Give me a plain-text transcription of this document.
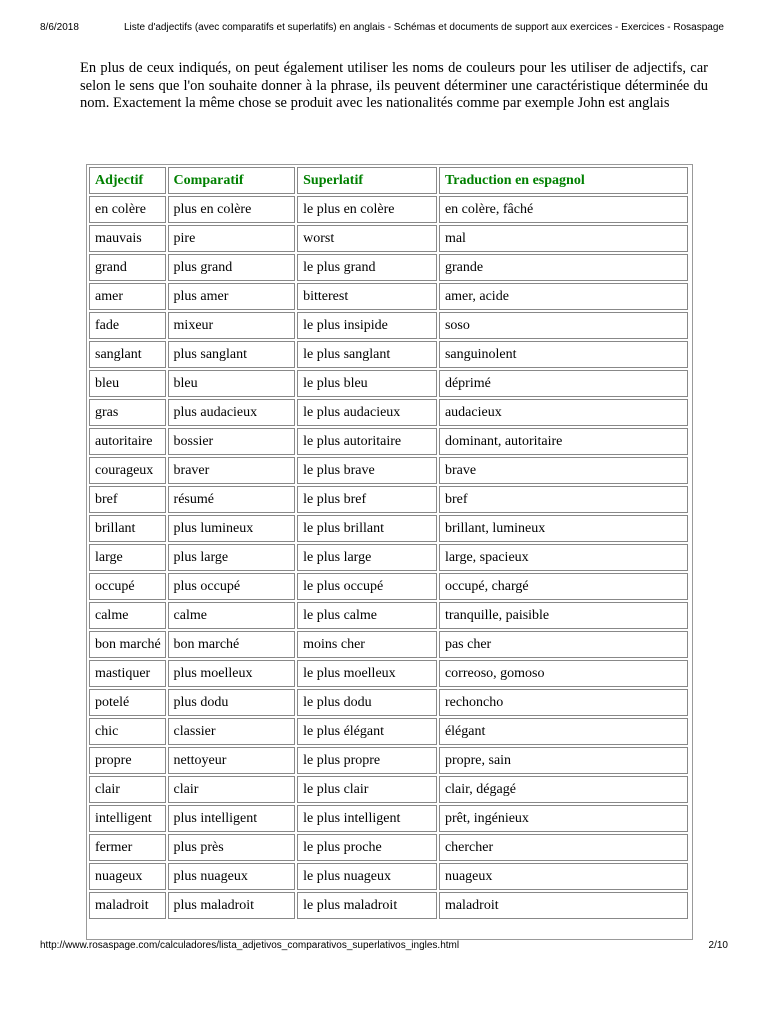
8/6/2018	Liste d'adjectifs (avec comparatifs et superlatifs) en anglais - Schémas et documents de support aux exercices - Exercices - Rosaspage
En plus de ceux indiqués, on peut également utiliser les noms de couleurs pour les utiliser de adjectifs, car selon le sens que l'on souhaite donner à la phrase, ils peuvent déterminer une caractéristique déterminée du nom. Exactement la même chose se produit avec les nationalités comme par exemple John est anglais
Adjectif	Comparatif	Superlatif	Traduction en espagnol
en colère	plus en colère	le plus en colère	en colère, fâché
mauvais	pire	worst	mal
grand	plus grand	le plus grand	grande
amer	plus amer	bitterest	amer, acide
fade	mixeur	le plus insipide	soso
sanglant	plus sanglant	le plus sanglant	sanguinolent
bleu	bleu	le plus bleu	déprimé
gras	plus audacieux	le plus audacieux	audacieux
autoritaire	bossier	le plus autoritaire	dominant, autoritaire
courageux	braver	le plus brave	brave
bref	résumé	le plus bref	bref
brillant	plus lumineux	le plus brillant	brillant, lumineux
large	plus large	le plus large	large, spacieux
occupé	plus occupé	le plus occupé	occupé, chargé
calme	calme	le plus calme	tranquille, paisible
bon marché	bon marché	moins cher	pas cher
mastiquer	plus moelleux	le plus moelleux	correoso, gomoso
potelé	plus dodu	le plus dodu	rechoncho
chic	classier	le plus élégant	élégant
propre	nettoyeur	le plus propre	propre, sain
clair	clair	le plus clair	clair, dégagé
intelligent	plus intelligent	le plus intelligent	prêt, ingénieux
fermer	plus près	le plus proche	chercher
nuageux	plus nuageux	le plus nuageux	nuageux
maladroit	plus maladroit	le plus maladroit	maladroit
http://www.rosaspage.com/calculadores/lista_adjetivos_comparativos_superlativos_ingles.html	2/10
